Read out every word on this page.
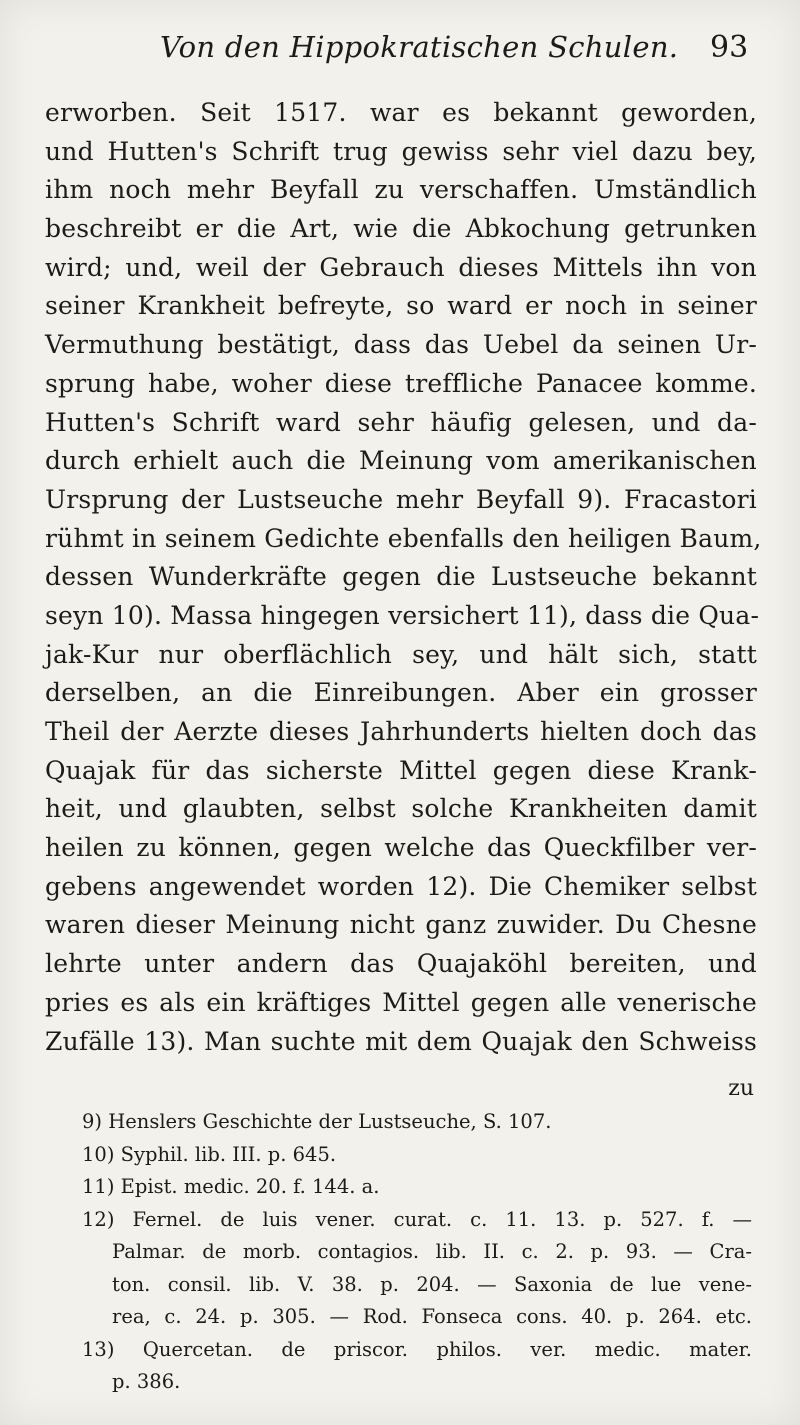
Von den Hippokratischen Schulen. 93
erworben. Seit 1517. war es bekannt geworden,
und Hutten's Schrift trug gewiss sehr viel dazu bey,
ihm noch mehr Beyfall zu verschaffen. Umständlich
beschreibt er die Art, wie die Abkochung getrunken
wird; und, weil der Gebrauch dieses Mittels ihn von
seiner Krankheit befreyte, so ward er noch in seiner
Vermuthung bestätigt, dass das Uebel da seinen Ur-
sprung habe, woher diese treffliche Panacee komme.
Hutten's Schrift ward sehr häufig gelesen, und da-
durch erhielt auch die Meinung vom amerikanischen
Ursprung der Lustseuche mehr Beyfall 9). Fracastori
rühmt in seinem Gedichte ebenfalls den heiligen Baum,
dessen Wunderkräfte gegen die Lustseuche bekannt
seyn 10). Massa hingegen versichert 11), dass die Qua-
jak-Kur nur oberflächlich sey, und hält sich, statt
derselben, an die Einreibungen. Aber ein grosser
Theil der Aerzte dieses Jahrhunderts hielten doch das
Quajak für das sicherste Mittel gegen diese Krank-
heit, und glaubten, selbst solche Krankheiten damit
heilen zu können, gegen welche das Queckfilber ver-
gebens angewendet worden 12). Die Chemiker selbst
waren dieser Meinung nicht ganz zuwider. Du Chesne
lehrte unter andern das Quajaköhl bereiten, und
pries es als ein kräftiges Mittel gegen alle venerische
Zufälle 13). Man suchte mit dem Quajak den Schweiss
zu
9) Henslers Geschichte der Lustseuche, S. 107.
10) Syphil. lib. III. p. 645.
11) Epist. medic. 20. f. 144. a.
12) Fernel. de luis vener. curat. c. 11. 13. p. 527. f. —
Palmar. de morb. contagios. lib. II. c. 2. p. 93. — Cra-
ton. consil. lib. V. 38. p. 204. — Saxonia de lue vene-
rea, c. 24. p. 305. — Rod. Fonseca cons. 40. p. 264. etc.
13) Quercetan. de priscor. philos. ver. medic. mater.
p. 386.
